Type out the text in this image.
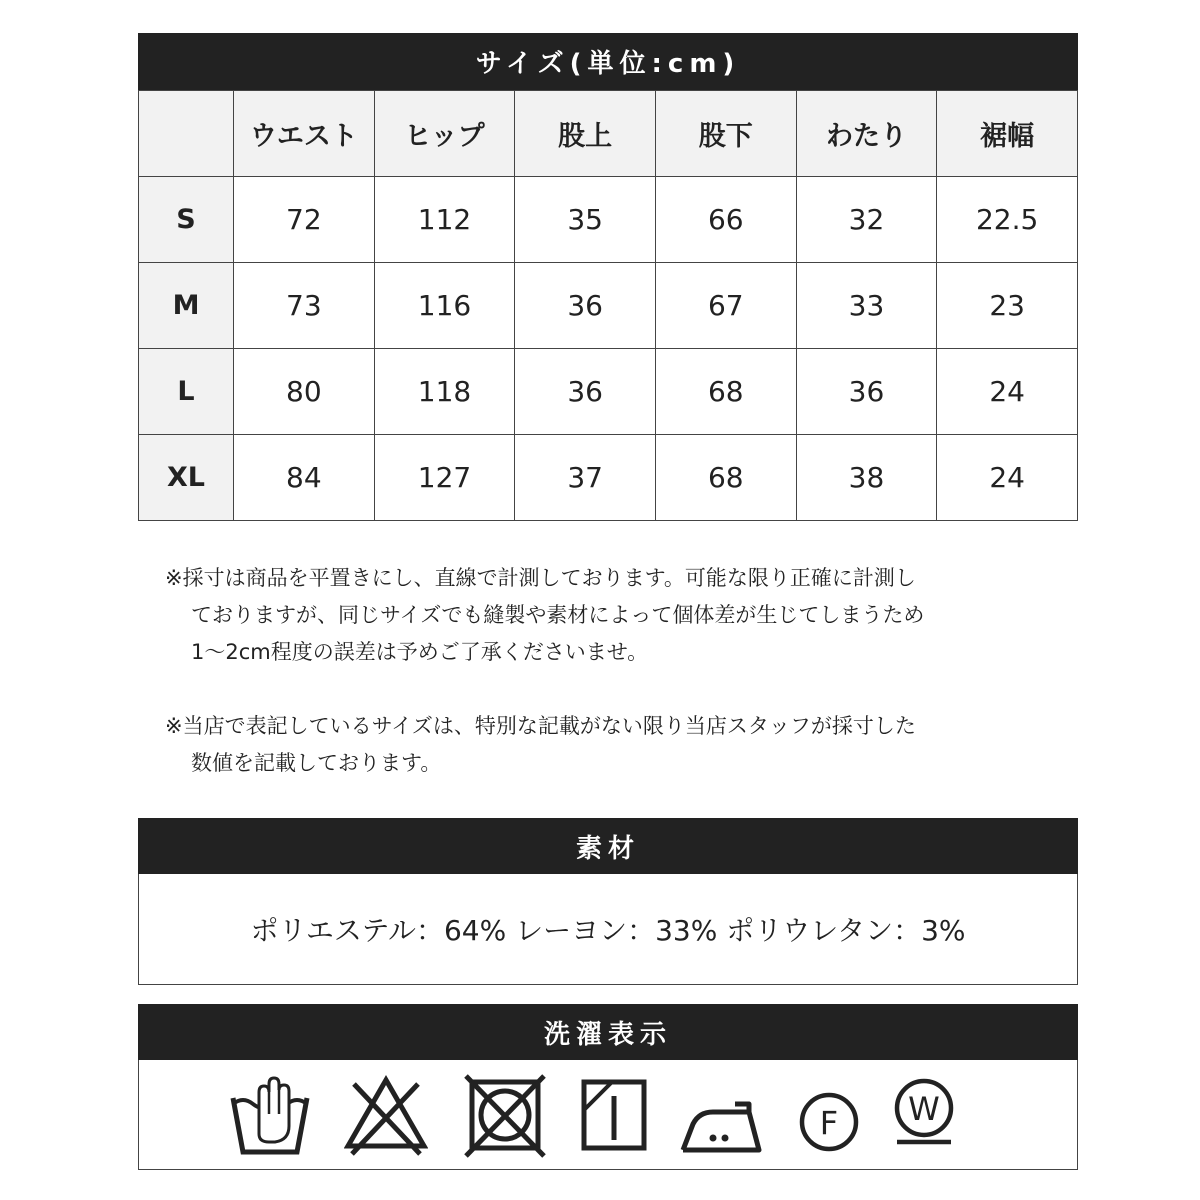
サイズ(単位:cm)
	ウエスト	ヒップ	股上	股下	わたり	裾幅
S	72	112	35	66	32	22.5
M	73	116	36	67	33	23
L	80	118	36	68	36	24
XL	84	127	37	68	38	24
※採寸は商品を平置きにし、直線で計測しております。可能な限り正確に計測し
ておりますが、同じサイズでも縫製や素材によって個体差が生じてしまうため
1〜2cm程度の誤差は予めご了承くださいませ。
※当店で表記しているサイズは、特別な記載がない限り当店スタッフが採寸した
数値を記載しております。
素材
ポリエステル：64% レーヨン：33% ポリウレタン：3%
洗濯表示
F W
